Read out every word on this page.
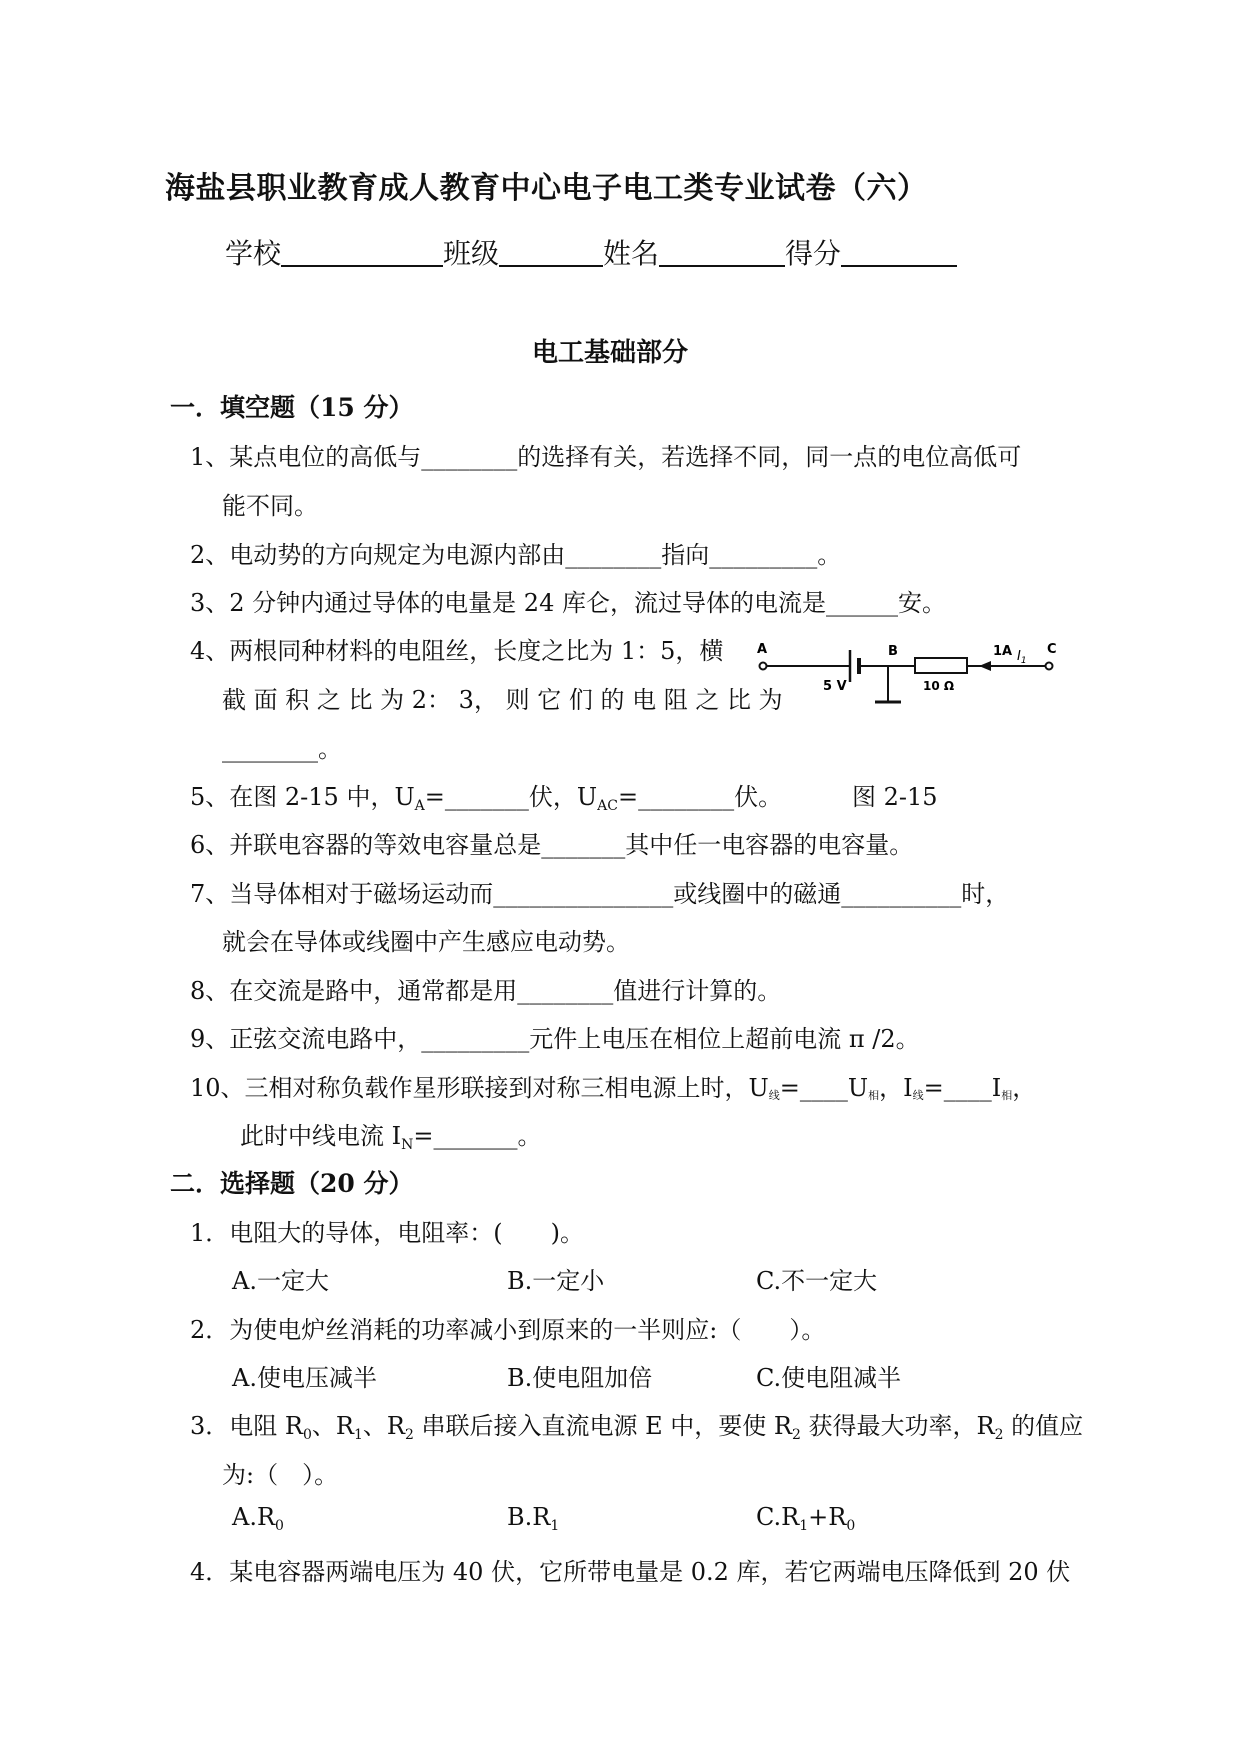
海盐县职业教育成人教育中心电子电工类专业试卷（六）
学校	班级	姓名	得分
电工基础部分
一．填空题（15 分）
1、某点电位的高低与________的选择有关，若选择不同，同一点的电位高低可
能不同。
2、电动势的方向规定为电源内部由________指向_________。
3、2 分钟内通过导体的电量是 24 库仑，流过导体的电流是______安。
4、两根同种材料的电阻丝，长度之比为 1：5，横
截 面 积 之 比 为 2： 3， 则 它 们 的 电 阻 之 比 为
________。
5、在图 2-15 中，$U_A=\_\_\_\_\_\_\_$伏，$U_{AC}=\_\_\_\_\_\_\_\_$伏。	图 2-15
A
5 V
B
10 Ω
1A $I_1$
C
6、并联电容器的等效电容量总是_______其中任一电容器的电容量。
7、当导体相对于磁场运动而_______________或线圈中的磁通__________时，
就会在导体或线圈中产生感应电动势。
8、在交流是路中，通常都是用________值进行计算的。
9、正弦交流电路中，_________元件上电压在相位上超前电流 π /2。
10、三相对称负载作星形联接到对称三相电源上时，U线=____U相，I线=____I相，
此时中线电流 $I_N=\_\_\_\_\_\_\_$。
二．选择题（20 分）
1．电阻大的导体，电阻率：(　　)。
A.一定大	B.一定小	C.不一定大
2．为使电炉丝消耗的功率减小到原来的一半则应:（　　）。
A.使电压减半	B.使电阻加倍	C.使电阻减半
3．电阻 $R_0$、$R_1$、$R_2$ 串联后接入直流电源 E 中，要使 $R_2$ 获得最大功率，$R_2$ 的值应
为:（　）。
$A.R_0$	$B.R_1$	$C.R_1+R_0$
4．某电容器两端电压为 40 伏，它所带电量是 0.2 库，若它两端电压降低到 20 伏
